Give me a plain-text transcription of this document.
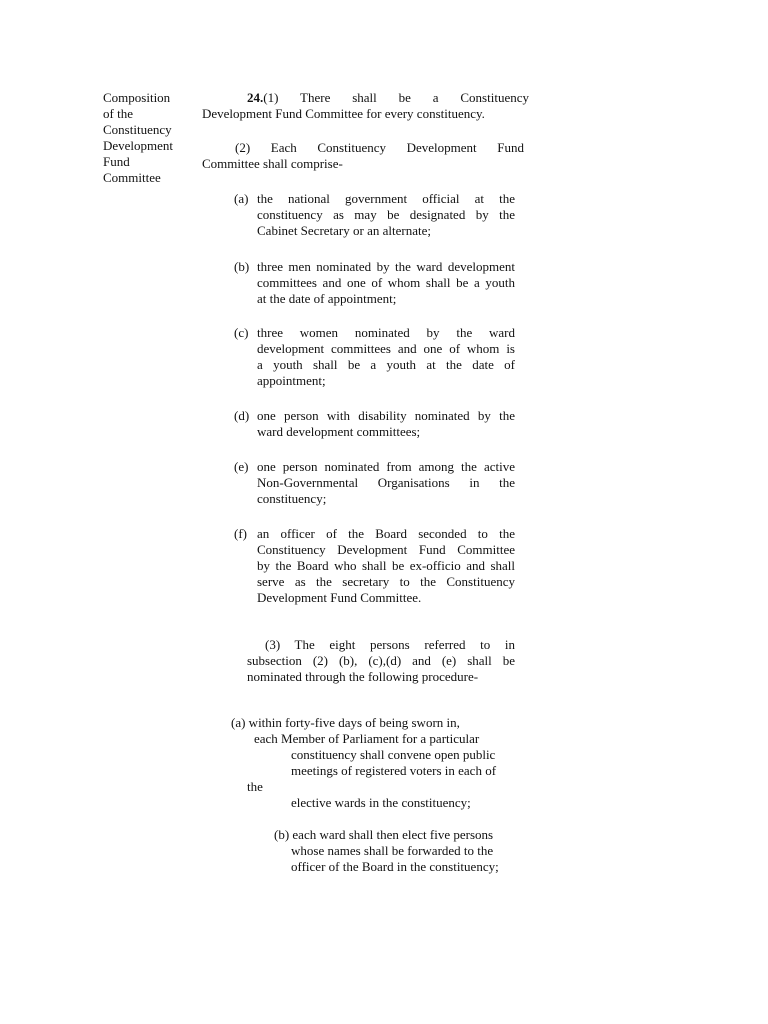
Composition
of the
Constituency
Development
Fund
Committee
24.(1) There shall be a Constituency
Development Fund Committee for every constituency.
(2) Each Constituency Development Fund
Committee shall comprise-
(a) the national government official at the
constituency as may be designated by the
Cabinet Secretary or an alternate;
(b) three men nominated by the ward development
committees and one of whom shall be a youth
at the date of appointment;
(c) three women nominated by the ward
development committees and one of whom is
a youth shall be a youth at the date of
appointment;
(d) one person with disability nominated by the
ward development committees;
(e) one person nominated from among the active
Non-Governmental Organisations in the
constituency;
(f) an officer of the Board seconded to the
Constituency Development Fund Committee
by the Board who shall be ex-officio and shall
serve as the secretary to the Constituency
Development Fund Committee.
(3) The eight persons referred to in
subsection (2) (b), (c),(d) and (e) shall be
nominated through the following procedure-
(a) within forty-five days of being sworn in,
each Member of Parliament for a particular
constituency shall convene open public
meetings of registered voters in each of
the
elective wards in the constituency;
(b) each ward shall then elect five persons
whose names shall be forwarded to the
officer of the Board in the constituency;
